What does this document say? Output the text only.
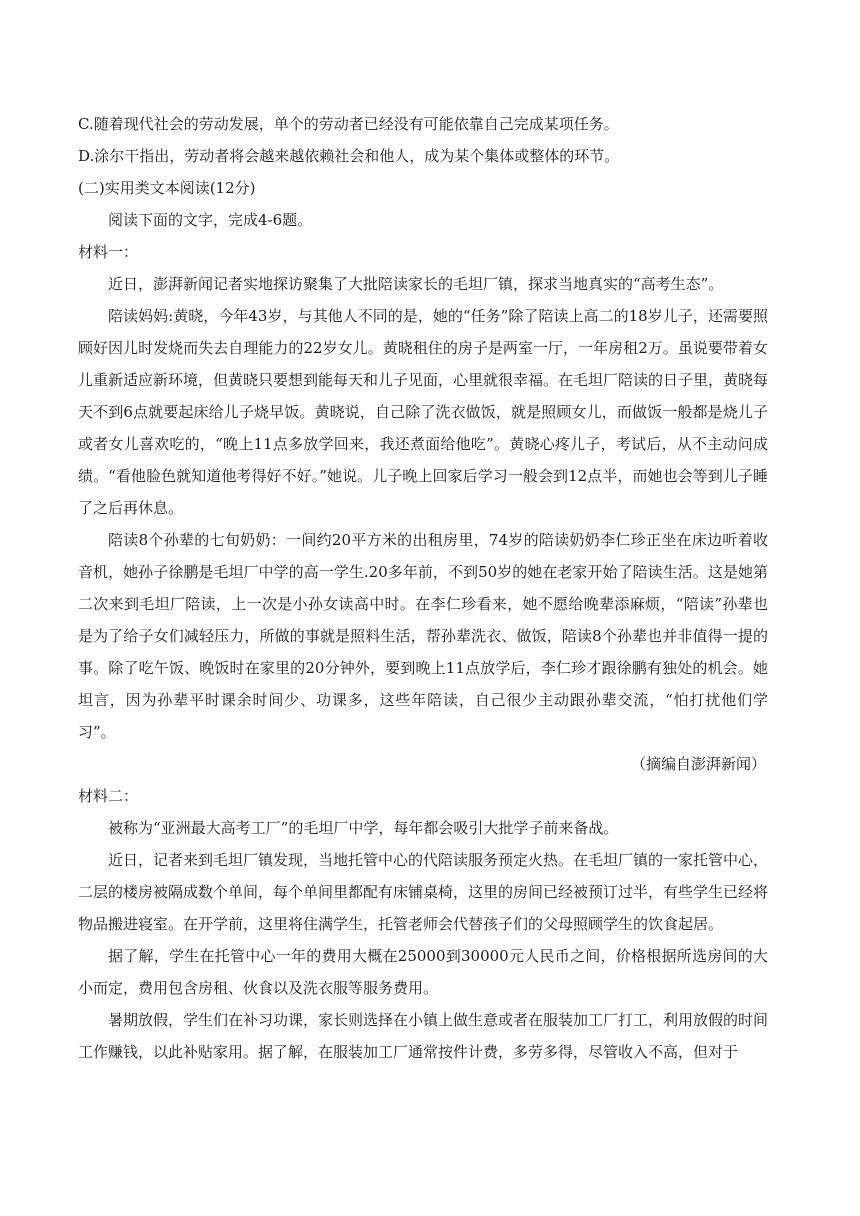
C.随着现代社会的劳动发展，单个的劳动者已经没有可能依靠自己完成某项任务。

D.涂尔干指出，劳动者将会越来越依赖社会和他人，成为某个集体或整体的环节。

(二)实用类文本阅读(12分)

阅读下面的文字，完成4-6题。

材料一：

近日，澎湃新闻记者实地探访聚集了大批陪读家长的毛坦厂镇，探求当地真实的“高考生态”。

陪读妈妈:黄晓，今年43岁，与其他人不同的是，她的“任务”除了陪读上高二的18岁儿子，还需要照顾好因儿时发烧而失去自理能力的22岁女儿。黄晓租住的房子是两室一厅，一年房租2万。虽说要带着女儿重新适应新环境，但黄晓只要想到能每天和儿子见面，心里就很幸福。在毛坦厂陪读的日子里，黄晓每天不到6点就要起床给儿子烧早饭。黄晓说，自己除了洗衣做饭，就是照顾女儿，而做饭一般都是烧儿子或者女儿喜欢吃的，“晚上11点多放学回来，我还煮面给他吃”。黄晓心疼儿子，考试后，从不主动问成绩。“看他脸色就知道他考得好不好。”她说。儿子晚上回家后学习一般会到12点半，而她也会等到儿子睡了之后再休息。

陪读8个孙辈的七旬奶奶：一间约20平方米的出租房里，74岁的陪读奶奶李仁珍正坐在床边听着收音机，她孙子徐鹏是毛坦厂中学的高一学生.20多年前，不到50岁的她在老家开始了陪读生活。这是她第二次来到毛坦厂陪读，上一次是小孙女读高中时。在李仁珍看来，她不愿给晚辈添麻烦，“陪读”孙辈也是为了给子女们减轻压力，所做的事就是照料生活，帮孙辈洗衣、做饭，陪读8个孙辈也并非值得一提的事。除了吃午饭、晚饭时在家里的20分钟外，要到晚上11点放学后，李仁珍才跟徐鹏有独处的机会。她坦言，因为孙辈平时课余时间少、功课多，这些年陪读，自己很少主动跟孙辈交流，“怕打扰他们学习”。

（摘编自澎湃新闻）

材料二：

被称为“亚洲最大高考工厂”的毛坦厂中学，每年都会吸引大批学子前来备战。

近日，记者来到毛坦厂镇发现，当地托管中心的代陪读服务预定火热。在毛坦厂镇的一家托管中心，二层的楼房被隔成数个单间，每个单间里都配有床铺桌椅，这里的房间已经被预订过半，有些学生已经将物品搬进寝室。在开学前，这里将住满学生，托管老师会代替孩子们的父母照顾学生的饮食起居。

据了解，学生在托管中心一年的费用大概在25000到30000元人民币之间，价格根据所选房间的大小而定，费用包含房租、伙食以及洗衣服等服务费用。

暑期放假，学生们在补习功课，家长则选择在小镇上做生意或者在服装加工厂打工，利用放假的时间工作赚钱，以此补贴家用。据了解，在服装加工厂通常按件计费，多劳多得，尽管收入不高，但对于
